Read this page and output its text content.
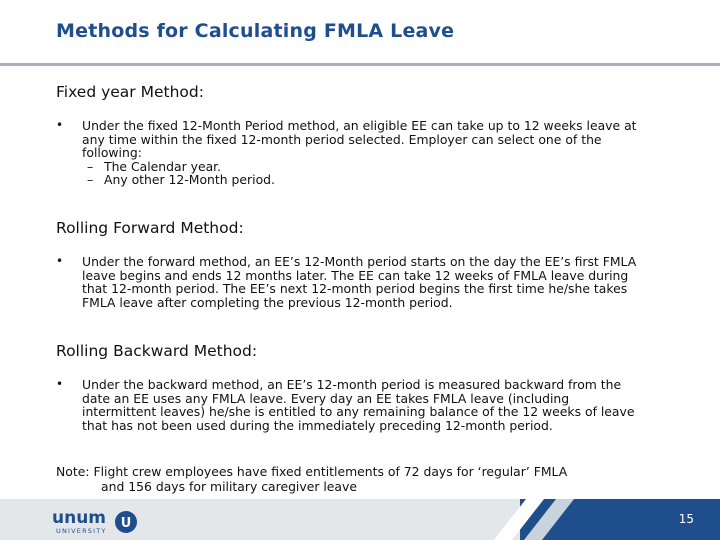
Methods for Calculating FMLA Leave
Fixed year Method:
• Under the fixed 12-Month Period method, an eligible EE can take up to 12 weeks leave at any time within the fixed 12-month period selected. Employer can select one of the following:
– The Calendar year.
– Any other 12-Month period.
Rolling Forward Method:
• Under the forward method, an EE’s 12-Month period starts on the day the EE’s first FMLA leave begins and ends 12 months later. The EE can take 12 weeks of FMLA leave during that 12-month period. The EE’s next 12-month period begins the first time he/she takes FMLA leave after completing the previous 12-month period.
Rolling Backward Method:
• Under the backward method, an EE’s 12-month period is measured backward from the date an EE uses any FMLA leave. Every day an EE takes FMLA leave (including intermittent leaves) he/she is entitled to any remaining balance of the 12 weeks of leave that has not been used during the immediately preceding 12-month period.
Note: Flight crew employees have fixed entitlements of 72 days for ‘regular’ FMLA
and 156 days for military caregiver leave
unum
UNIVERSITY U	15
